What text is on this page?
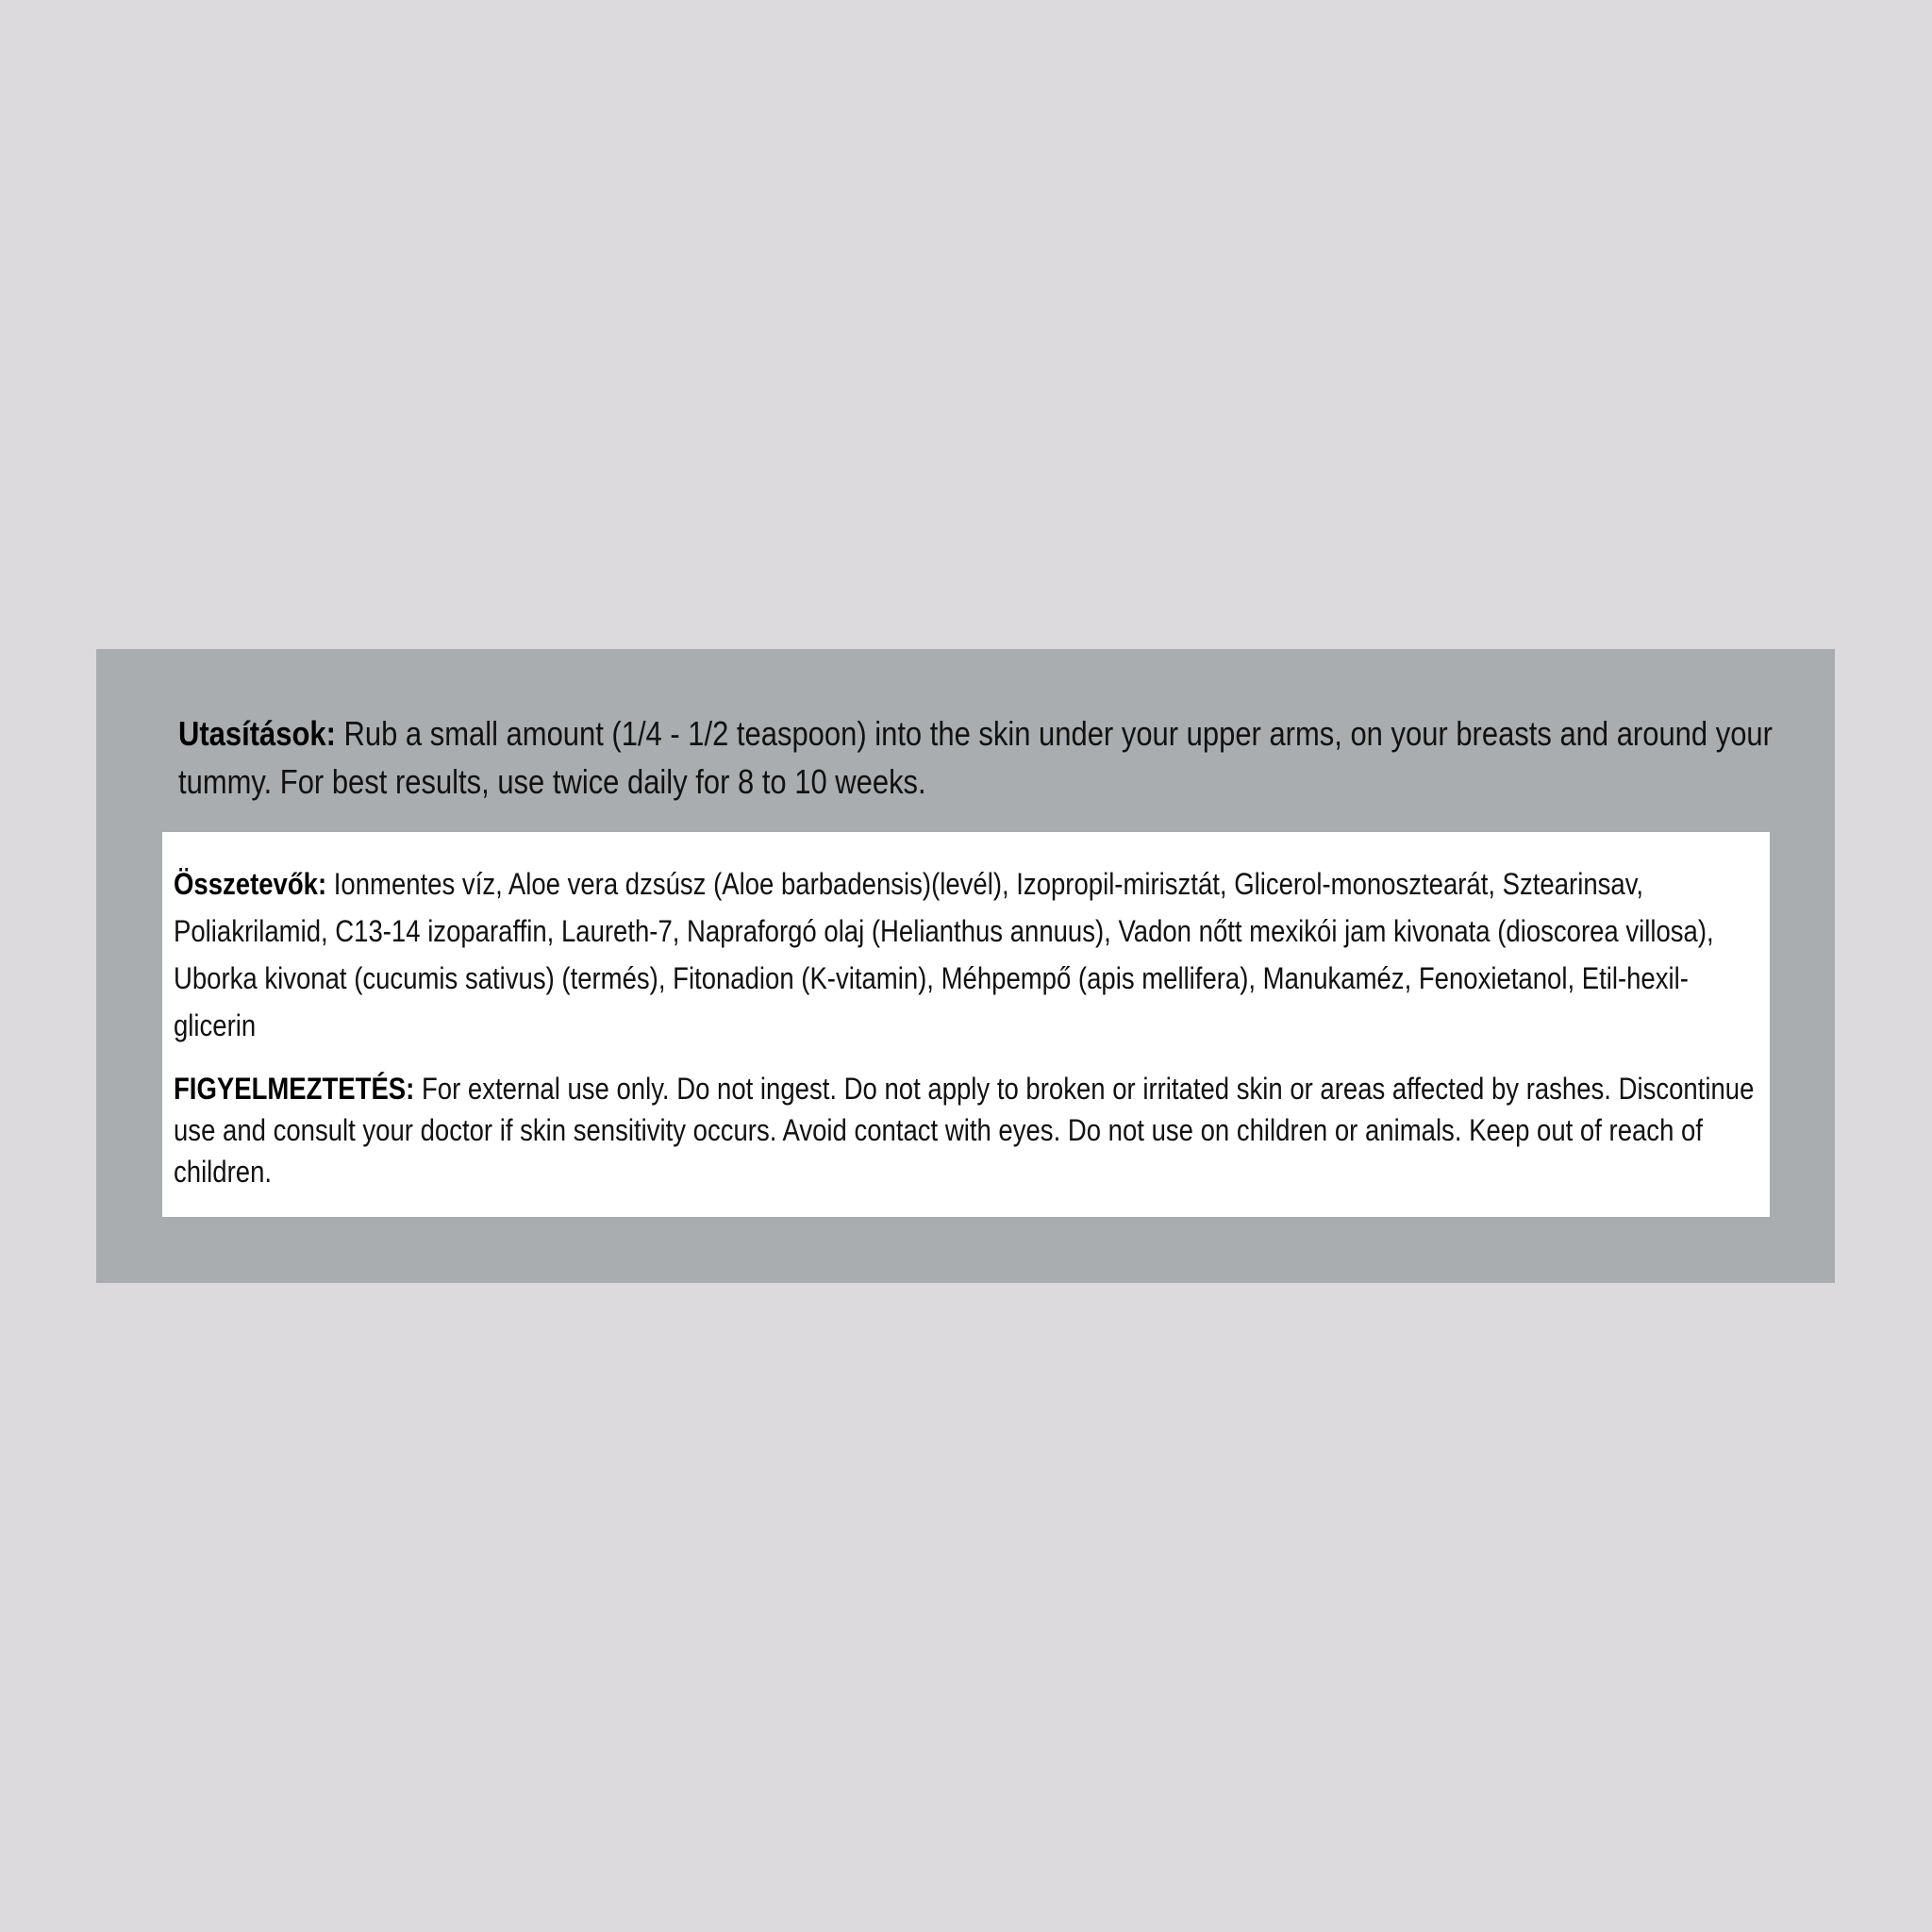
Utasítások: Rub a small amount (1/4 - 1/2 teaspoon) into the skin under your upper arms, on your breasts and around your tummy. For best results, use twice daily for 8 to 10 weeks.
Összetevők: Ionmentes víz, Aloe vera dzsúsz (Aloe barbadensis)(levél), Izopropil-mirisztát, Glicerol-monosztearát, Sztearinsav, Poliakrilamid, C13-14 izoparaffin, Laureth-7, Napraforgó olaj (Helianthus annuus), Vadon nőtt mexikói jam kivonata (dioscorea villosa), Uborka kivonat (cucumis sativus) (termés), Fitonadion (K-vitamin), Méhpempő (apis mellifera), Manukaméz, Fenoxietanol, Etil-hexil-glicerin
FIGYELMEZTETÉS: For external use only. Do not ingest. Do not apply to broken or irritated skin or areas affected by rashes. Discontinue use and consult your doctor if skin sensitivity occurs. Avoid contact with eyes. Do not use on children or animals. Keep out of reach of children.
